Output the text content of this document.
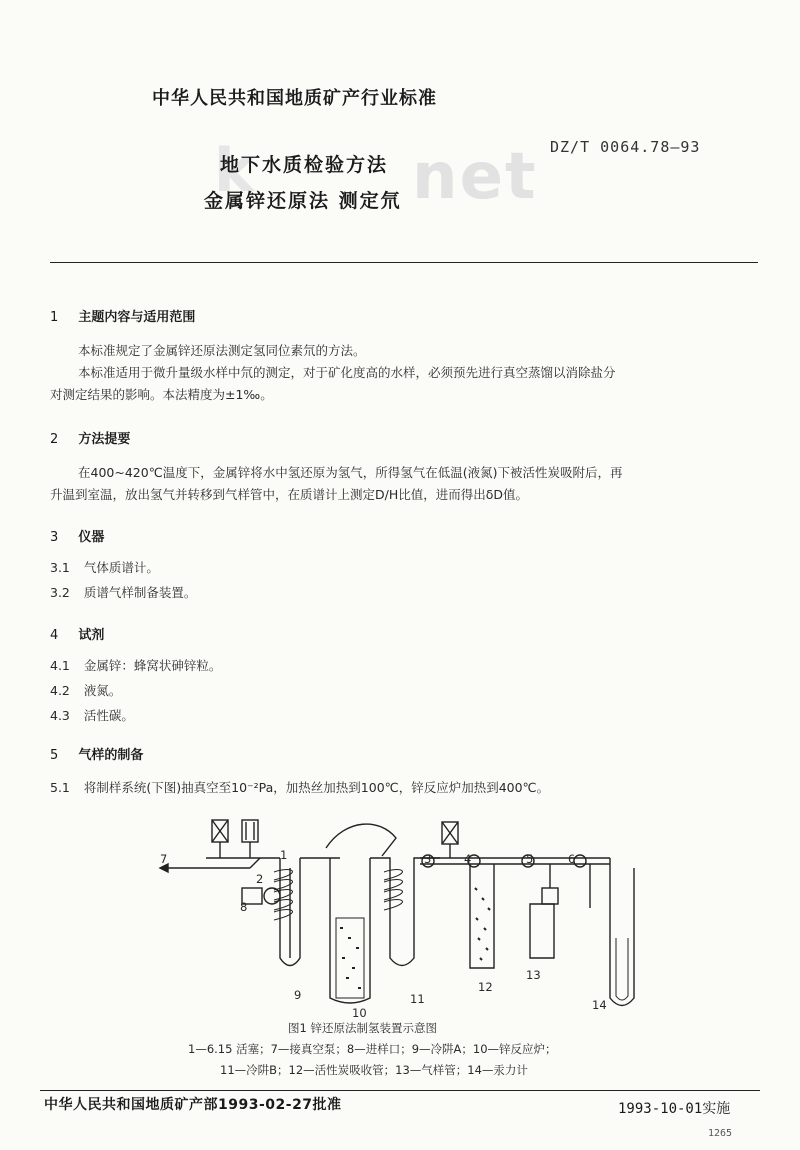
中华人民共和国地质矿产行业标准
k net DZ/T 0064.78—93
地下水质检验方法
金属锌还原法 测定氘
1 主题内容与适用范围
本标准规定了金属锌还原法测定氢同位素氘的方法。
本标准适用于微升量级水样中氘的测定，对于矿化度高的水样，必须预先进行真空蒸馏以消除盐分
对测定结果的影响。本法精度为±1‰。
2 方法提要
在400~420℃温度下，金属锌将水中氢还原为氢气，所得氢气在低温(液氮)下被活性炭吸附后，再
升温到室温，放出氢气并转移到气样管中，在质谱计上测定D/H比值，进而得出δD值。
3 仪器
3.1 气体质谱计。
3.2 质谱气样制备装置。
4 试剂
4.1 金属锌：蜂窝状砷锌粒。
4.2 液氮。
4.3 活性碳。
5 气样的制备
5.1 将制样系统(下图)抽真空至10⁻²Pa，加热丝加热到100℃，锌反应炉加热到400℃。
1
2
3	4	5	6
7
8
9
10
11
12
13
14
图1 锌还原法制氢装置示意图
1—6.15 活塞；7—接真空泵；8—进样口；9—冷阱A；10—锌反应炉；
11—冷阱B；12—活性炭吸收管；13—气样管；14—汞力计
中华人民共和国地质矿产部1993-02-27批准	1993-10-01实施
1265
